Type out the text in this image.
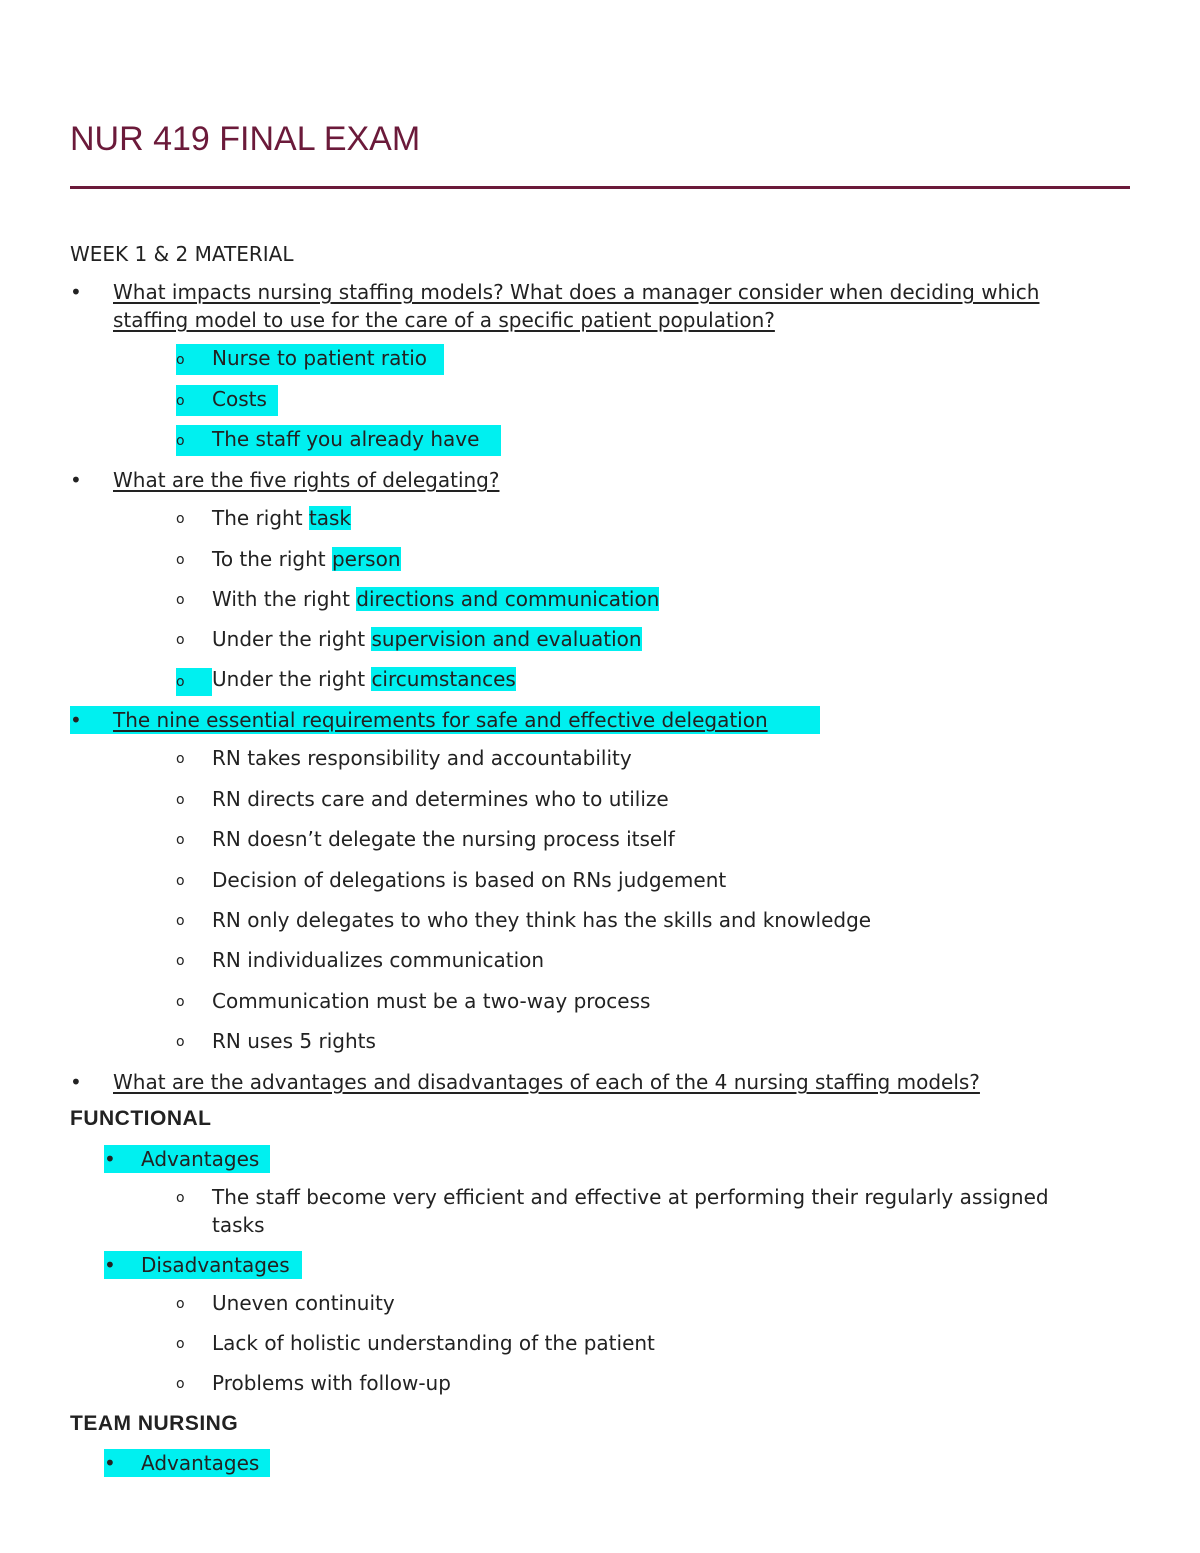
NUR 419 FINAL EXAM
WEEK 1 & 2 MATERIAL
• What impacts nursing staffing models? What does a manager consider when deciding which
staffing model to use for the care of a specific patient population?
o Nurse to patient ratio
o Costs
o The staff you already have
• What are the five rights of delegating?
o The right task
o To the right person
o With the right directions and communication
o Under the right supervision and evaluation
o Under the right circumstances
• The nine essential requirements for safe and effective delegation
o RN takes responsibility and accountability
o RN directs care and determines who to utilize
o RN doesn’t delegate the nursing process itself
o Decision of delegations is based on RNs judgement
o RN only delegates to who they think has the skills and knowledge
o RN individualizes communication
o Communication must be a two-way process
o RN uses 5 rights
• What are the advantages and disadvantages of each of the 4 nursing staffing models?
FUNCTIONAL
• Advantages
o The staff become very efficient and effective at performing their regularly assigned
tasks
• Disadvantages
o Uneven continuity
o Lack of holistic understanding of the patient
o Problems with follow-up
TEAM NURSING
• Advantages
